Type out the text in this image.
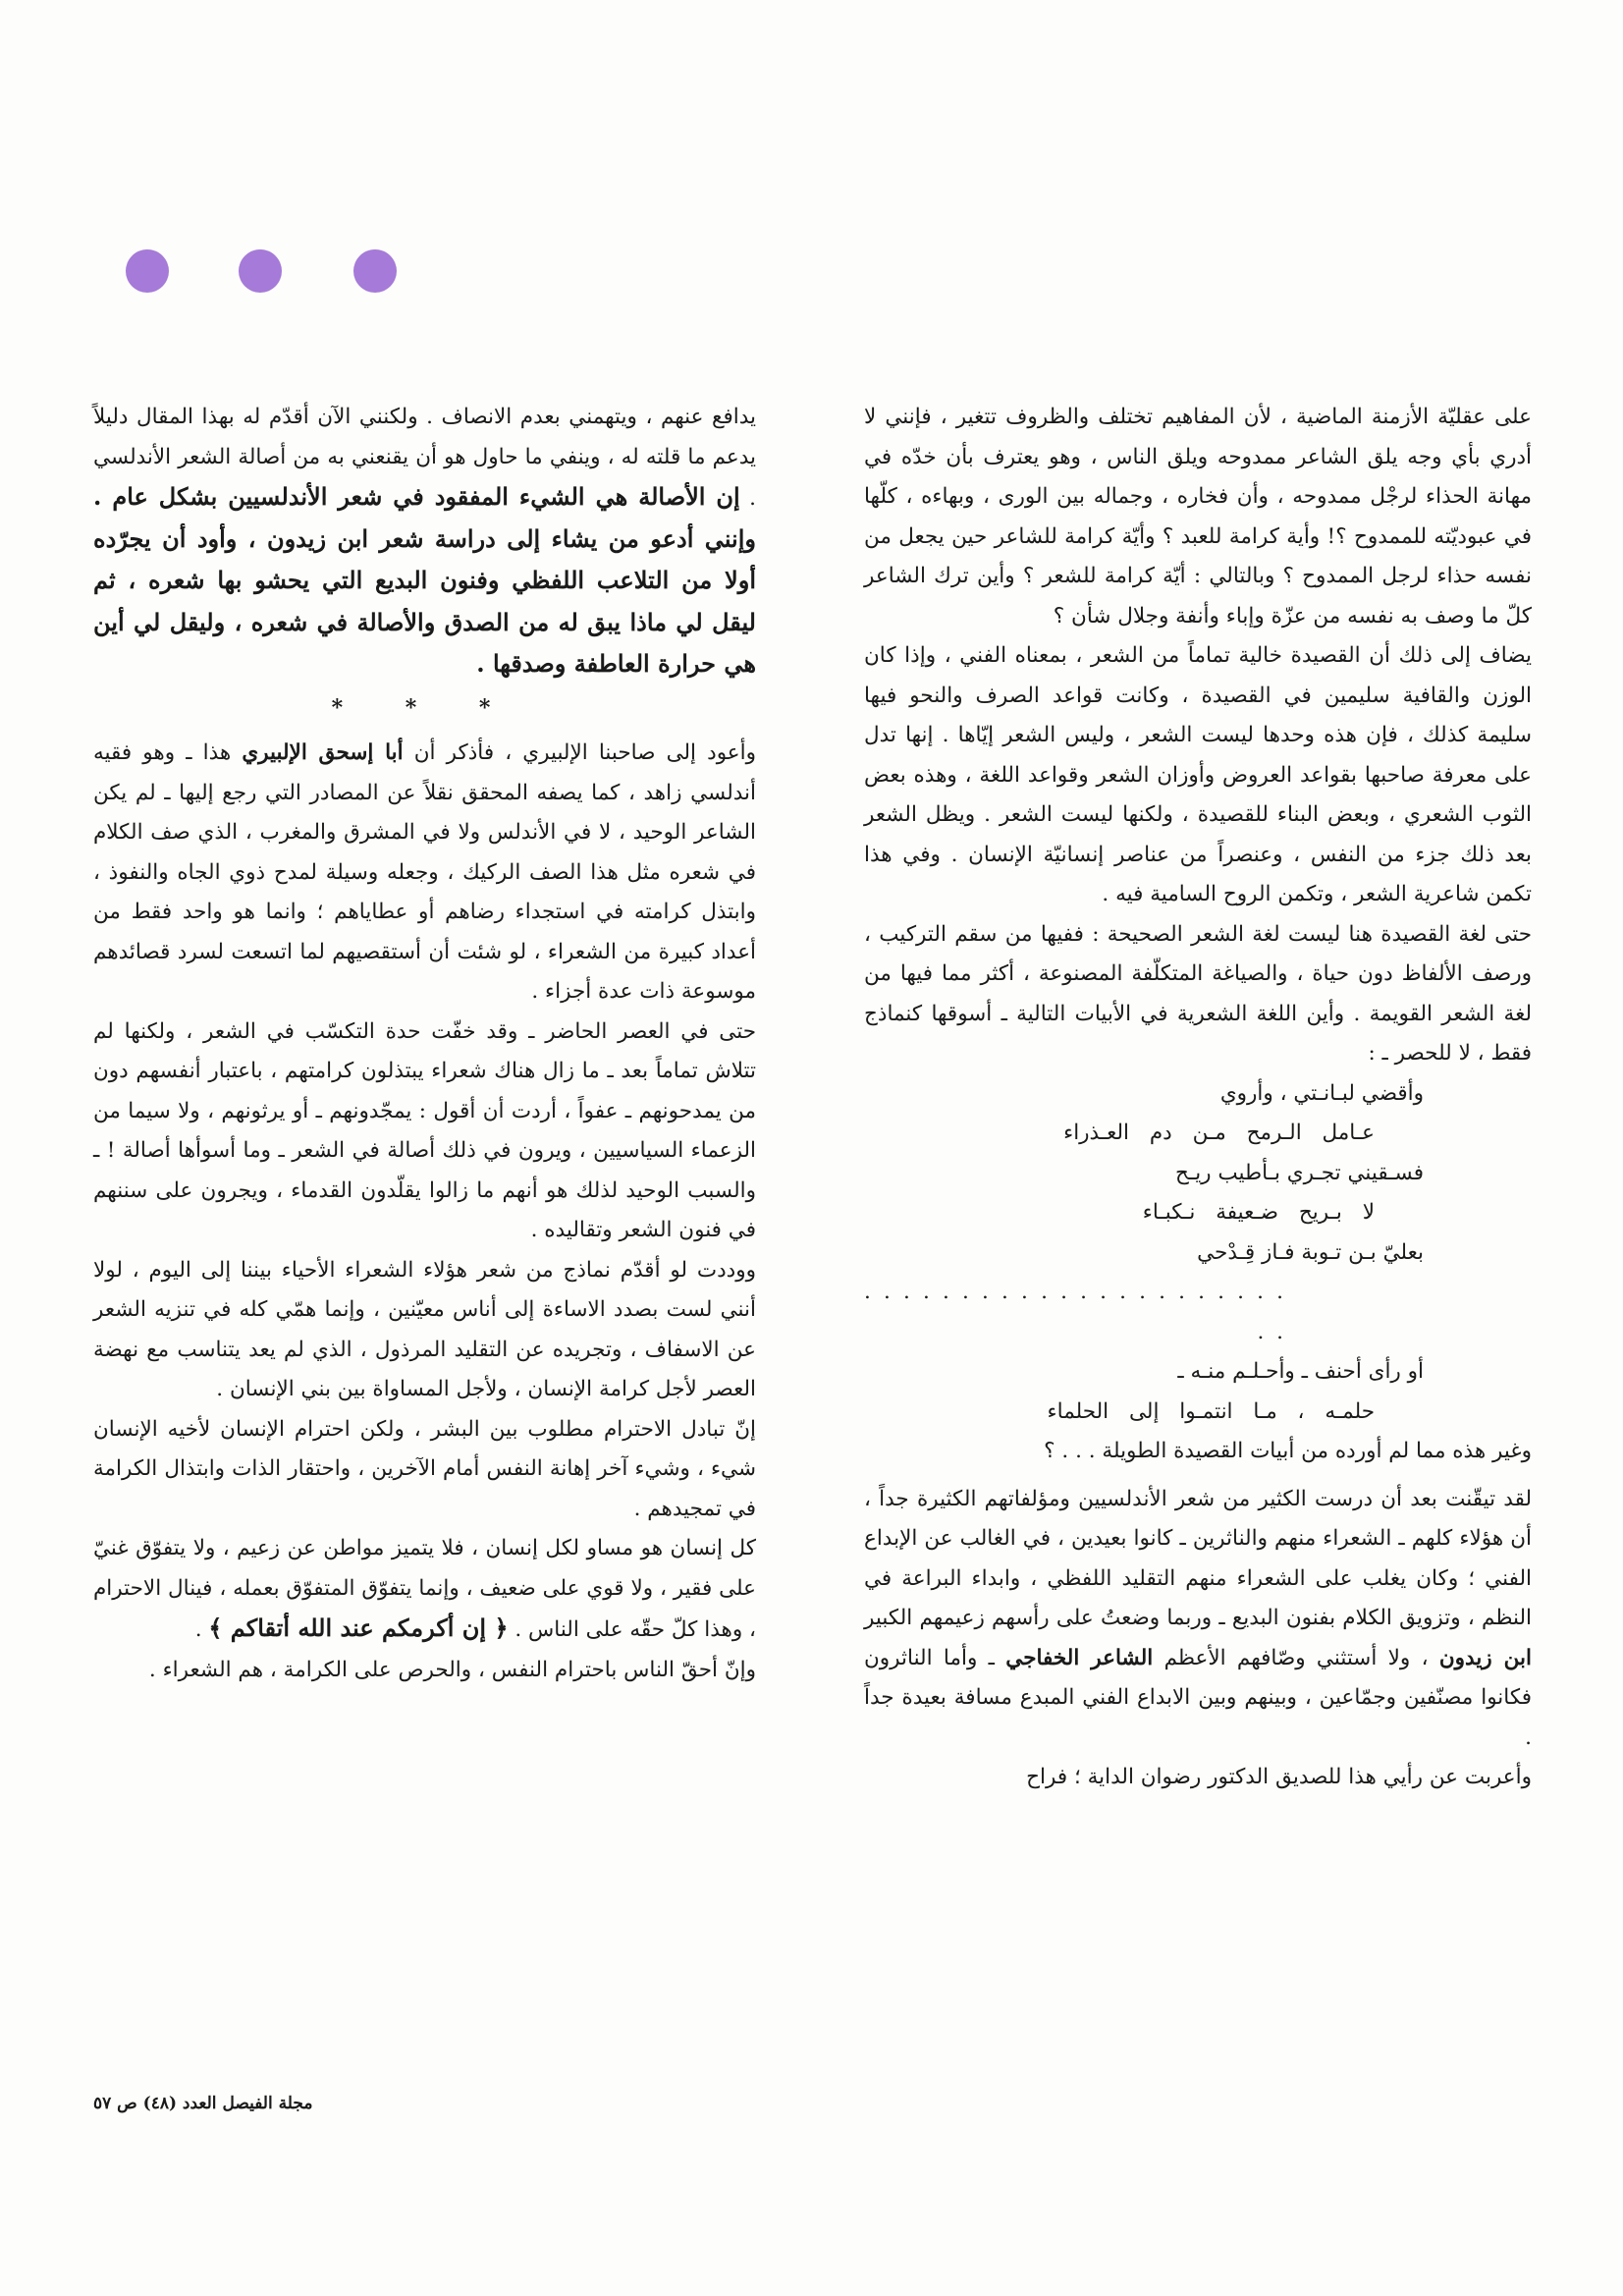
على عقليّة الأزمنة الماضية ، لأن المفاهيم تختلف والظروف تتغير ، فإنني لا أدري بأي وجه يلق الشاعر ممدوحه ويلق الناس ، وهو يعترف بأن خدّه في مهانة الحذاء لرجْل ممدوحه ، وأن فخاره ، وجماله بين الورى ، وبهاءه ، كلّها في عبوديّته للممدوح ؟! وأية كرامة للعبد ؟ وأيّة كرامة للشاعر حين يجعل من نفسه حذاء لرجل الممدوح ؟ وبالتالي : أيّة كرامة للشعر ؟ وأين ترك الشاعر كلّ ما وصف به نفسه من عزّة وإباء وأنفة وجلال شأن ؟

يضاف إلى ذلك أن القصيدة خالية تماماً من الشعر ، بمعناه الفني ، وإذا كان الوزن والقافية سليمين في القصيدة ، وكانت قواعد الصرف والنحو فيها سليمة كذلك ، فإن هذه وحدها ليست الشعر ، وليس الشعر إيّاها . إنها تدل على معرفة صاحبها بقواعد العروض وأوزان الشعر وقواعد اللغة ، وهذه بعض الثوب الشعري ، وبعض البناء للقصيدة ، ولكنها ليست الشعر . ويظل الشعر بعد ذلك جزء من النفس ، وعنصراً من عناصر إنسانيّة الإنسان . وفي هذا تكمن شاعرية الشعر ، وتكمن الروح السامية فيه .

حتى لغة القصيدة هنا ليست لغة الشعر الصحيحة : ففيها من سقم التركيب ، ورصف الألفاظ دون حياة ، والصياغة المتكلّفة المصنوعة ، أكثر مما فيها من لغة الشعر القويمة . وأين اللغة الشعرية في الأبيات التالية ـ أسوقها كنماذج فقط ، لا للحصر ـ :

وأقضي لبـانـتي ، وأروي

عـامل الـرمح مـن دم العـذراء

فسـقيني تجـري بـأطيب ريـح

لا بـريح ضـعيفة نـكبـاء

بعليّ بـن تـوبة فـاز قِـدْحي

. . . . . . . . . . . . . . . . . . . . . . . .

أو رأى أحنف ـ وأحـلـم منـه ـ

حلمـه ، مـا انتمـوا إلى الحلماء

وغير هذه مما لم أورده من أبيات القصيدة الطويلة . . . ؟

لقد تيقّنت بعد أن درست الكثير من شعر الأندلسيين ومؤلفاتهم الكثيرة جداً ، أن هؤلاء كلهم ـ الشعراء منهم والناثرين ـ كانوا بعيدين ، في الغالب عن الإبداع الفني ؛ وكان يغلب على الشعراء منهم التقليد اللفظي ، وابداء البراعة في النظم ، وتزويق الكلام بفنون البديع ـ وربما وضعتُ على رأسهم زعيمهم الكبير ابن زيدون ، ولا أستثني وصّافهم الأعظم الشاعر الخفاجي ـ وأما الناثرون فكانوا مصنّفين وجمّاعين ، وبينهم وبين الابداع الفني المبدع مسافة بعيدة جداً .

وأعربت عن رأيي هذا للصديق الدكتور رضوان الداية ؛ فراح

يدافع عنهم ، ويتهمني بعدم الانصاف . ولكنني الآن أقدّم له بهذا المقال دليلاً يدعم ما قلته له ، وينفي ما حاول هو أن يقنعني به من أصالة الشعر الأندلسي . إن الأصالة هي الشيء المفقود في شعر الأندلسيين بشكل عام . وإنني أدعو من يشاء إلى دراسة شعر ابن زيدون ، وأود أن يجرّده أولا من التلاعب اللفظي وفنون البديع التي يحشو بها شعره ، ثم ليقل لي ماذا يبق له من الصدق والأصالة في شعره ، وليقل لي أين هي حرارة العاطفة وصدقها .

* * *

وأعود إلى صاحبنا الإلبيري ، فأذكر أن أبا إسحق الإلبيري هذا ـ وهو فقيه أندلسي زاهد ، كما يصفه المحقق نقلاً عن المصادر التي رجع إليها ـ لم يكن الشاعر الوحيد ، لا في الأندلس ولا في المشرق والمغرب ، الذي صف الكلام في شعره مثل هذا الصف الركيك ، وجعله وسيلة لمدح ذوي الجاه والنفوذ ، وابتذل كرامته في استجداء رضاهم أو عطاياهم ؛ وانما هو واحد فقط من أعداد كبيرة من الشعراء ، لو شئت أن أستقصيهم لما اتسعت لسرد قصائدهم موسوعة ذات عدة أجزاء .

حتى في العصر الحاضر ـ وقد خفّت حدة التكسّب في الشعر ، ولكنها لم تتلاش تماماً بعد ـ ما زال هناك شعراء يبتذلون كرامتهم ، باعتبار أنفسهم دون من يمدحونهم ـ عفواً ، أردت أن أقول : يمجّدونهم ـ أو يرثونهم ، ولا سيما من الزعماء السياسيين ، ويرون في ذلك أصالة في الشعر ـ وما أسوأها أصالة ! ـ والسبب الوحيد لذلك هو أنهم ما زالوا يقلّدون القدماء ، ويجرون على سننهم في فنون الشعر وتقاليده .

ووددت لو أقدّم نماذج من شعر هؤلاء الشعراء الأحياء بيننا إلى اليوم ، لولا أنني لست بصدد الاساءة إلى أناس معيّنين ، وإنما همّي كله في تنزيه الشعر عن الاسفاف ، وتجريده عن التقليد المرذول ، الذي لم يعد يتناسب مع نهضة العصر لأجل كرامة الإنسان ، ولأجل المساواة بين بني الإنسان .

إنّ تبادل الاحترام مطلوب بين البشر ، ولكن احترام الإنسان لأخيه الإنسان شيء ، وشيء آخر إهانة النفس أمام الآخرين ، واحتقار الذات وابتذال الكرامة في تمجيدهم .

كل إنسان هو مساو لكل إنسان ، فلا يتميز مواطن عن زعيم ، ولا يتفوّق غنيّ على فقير ، ولا قوي على ضعيف ، وإنما يتفوّق المتفوّق بعمله ، فينال الاحترام ، وهذا كلّ حقّه على الناس . ﴿ إن أكرمكم عند الله أتقاكم ﴾ .

وإنّ أحقّ الناس باحترام النفس ، والحرص على الكرامة ، هم الشعراء .

مجلة الفيصل العدد (٤٨) ص ٥٧
